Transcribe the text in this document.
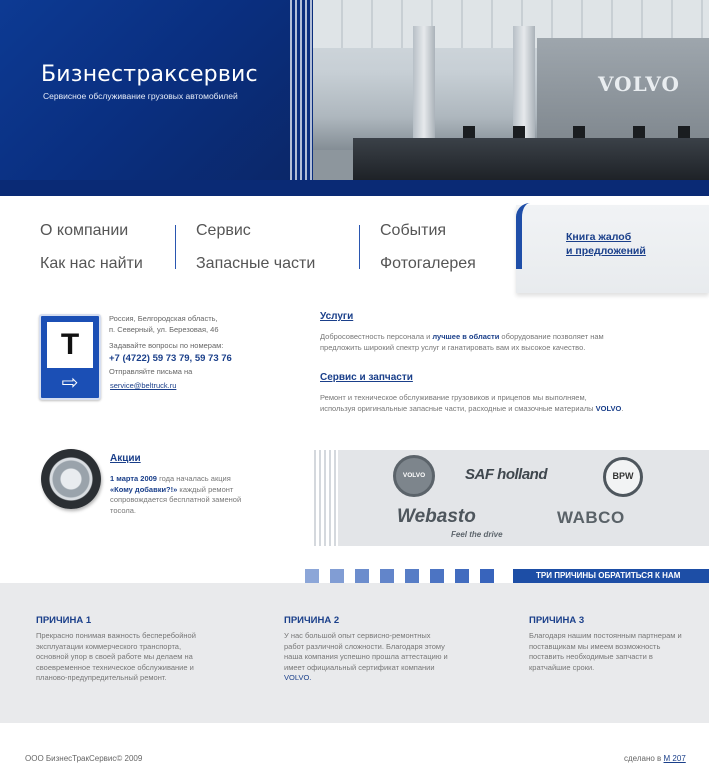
Бизнестраксервис
Сервисное обслуживание грузовых автомобилей	VOLVO
О компании
Как нас найти
Сервис
Запасные части
События
Фотогалерея
Книга жалоб
и предложений
T
⇨
Россия, Белгородская область,
п. Северный, ул. Березовая, 46
Задавайте вопросы по номерам:
+7 (4722) 59 73 79, 59 73 76
Отправляйте письма на
service@beltruck.ru
Услуги
Добросовестность персонала и лучшее в области оборудование позволяет нам
предложить широкий спектр услуг и ганатировать вам их высокое качество.
Сервис и запчасти
Ремонт и техническое обслуживание грузовиков и прицепов мы выполняем,
используя оригинальные запасные части, расходные и смазочные материалы VOLVO.
Акции
1 марта 2009 года началась акция
«Кому добавки?!» каждый ремонт сопровождается бесплатной заменой тосола.
VOLVO	SAF holland	BPW
Webasto
Feel the drive
WABCO
ТРИ ПРИЧИНЫ ОБРАТИТЬСЯ К НАМ
ПРИЧИНА 1
Прекрасно понимая важность бесперебойной
эксплуатации коммерческого транспорта,
основной упор в своей работе мы делаем на
своевременное техническое обслуживание и
планово-предупредительный ремонт.
ПРИЧИНА 2
У нас большой опыт сервисно-ремонтных
работ различной сложности. Благодаря этому
наша компания успешно прошла аттестацию и
имеет официальный сертификат компании
VOLVO.
ПРИЧИНА 3
Благодаря нашим постоянным партнерам и
поставщикам мы имеем возможность
поставить необходимые запчасти в
кратчайшие сроки.
ООО БизнесТракСервис© 2009	сделано в M 207
